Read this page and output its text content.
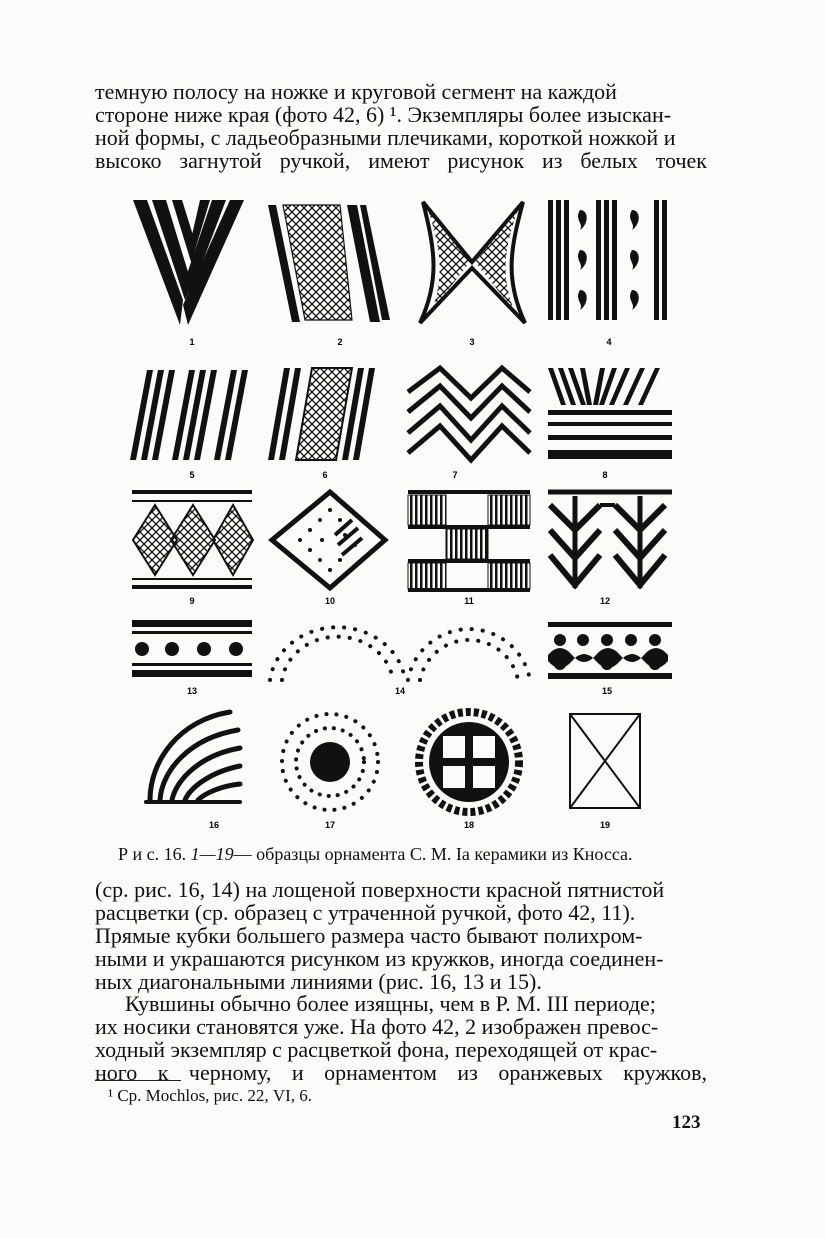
темную полосу на ножке и круговой сегмент на каждой

стороне ниже края (фото 42, 6) ¹. Экземпляры более изыскан-

ной формы, с ладьеобразными плечиками, короткой ножкой и

высоко загнутой ручкой, имеют рисунок из белых точек

1	2	3	4
5	6	7	8
9	10	11	12
13	14	15
16	17	18	19
Р и с. 16. 1—19— образцы орнамента С. М. Ia керамики из Кносса.

(ср. рис. 16, 14) на лощеной поверхности красной пятнистой

расцветки (ср. образец с утраченной ручкой, фото 42, 11).

Прямые кубки большего размера часто бывают полихром-

ными и украшаются рисунком из кружков, иногда соединен-

ных диагональными линиями (рис. 16, 13 и 15).

Кувшины обычно более изящны, чем в Р. М. III периоде;

их носики становятся уже. На фото 42, 2 изображен превос-

ходный экземпляр с расцветкой фона, переходящей от крас-

ного к черному, и орнаментом из оранжевых кружков,

¹ Ср. Mochlos, рис. 22, VI, 6.
123
